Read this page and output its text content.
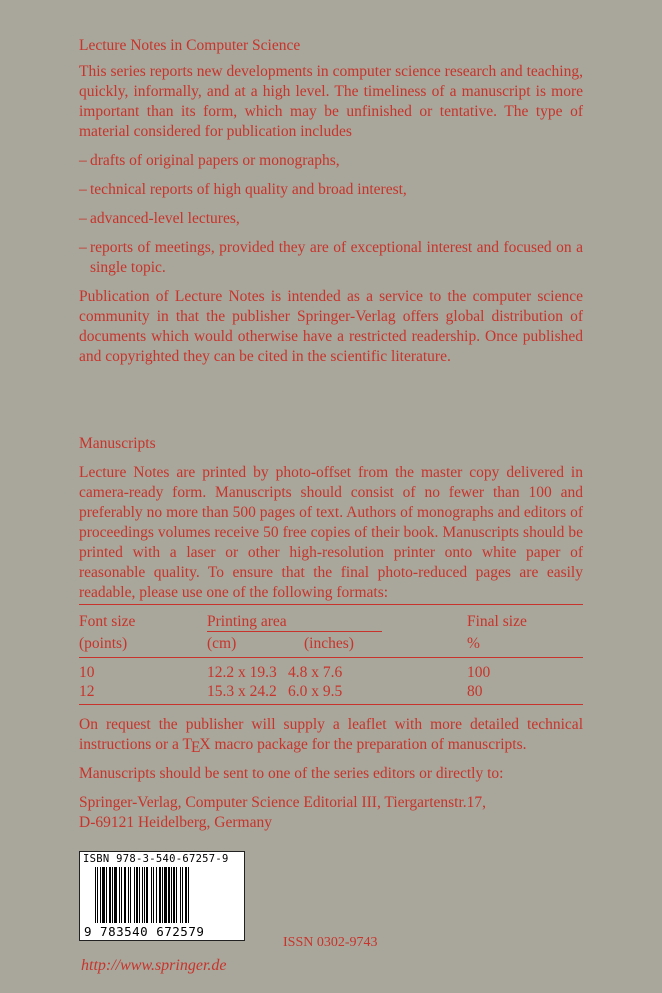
Lecture Notes in Computer Science

This series reports new developments in computer science research and teaching, quickly, informally, and at a high level. The timeliness of a manuscript is more important than its form, which may be unfinished or tentative. The type of material considered for publication includes

– drafts of original papers or monographs,
– technical reports of high quality and broad interest,
– advanced-level lectures,
– reports of meetings, provided they are of exceptional interest and focused on a single topic.

Publication of Lecture Notes is intended as a service to the computer science community in that the publisher Springer-Verlag offers global distribution of documents which would otherwise have a restricted readership. Once published and copyrighted they can be cited in the scientific literature.

Manuscripts

Lecture Notes are printed by photo-offset from the master copy delivered in camera-ready form. Manuscripts should consist of no fewer than 100 and preferably no more than 500 pages of text. Authors of monographs and editors of proceedings volumes receive 50 free copies of their book. Manuscripts should be printed with a laser or other high-resolution printer onto white paper of reasonable quality. To ensure that the final photo-reduced pages are easily readable, please use one of the following formats:

Font size	Printing area	Final size
(points)	(cm)	(inches)	%
10	12.2 x 19.3 4.8 x 7.6	100
12	15.3 x 24.2 6.0 x 9.5	80

On request the publisher will supply a leaflet with more detailed technical instructions or a TEX macro package for the preparation of manuscripts.

Manuscripts should be sent to one of the series editors or directly to:

Springer-Verlag, Computer Science Editorial III, Tiergartenstr.17,
D-69121 Heidelberg, Germany
ISBN 978-3-540-67257-9
9 783540 672579
ISSN 0302-9743
http://www.springer.de
